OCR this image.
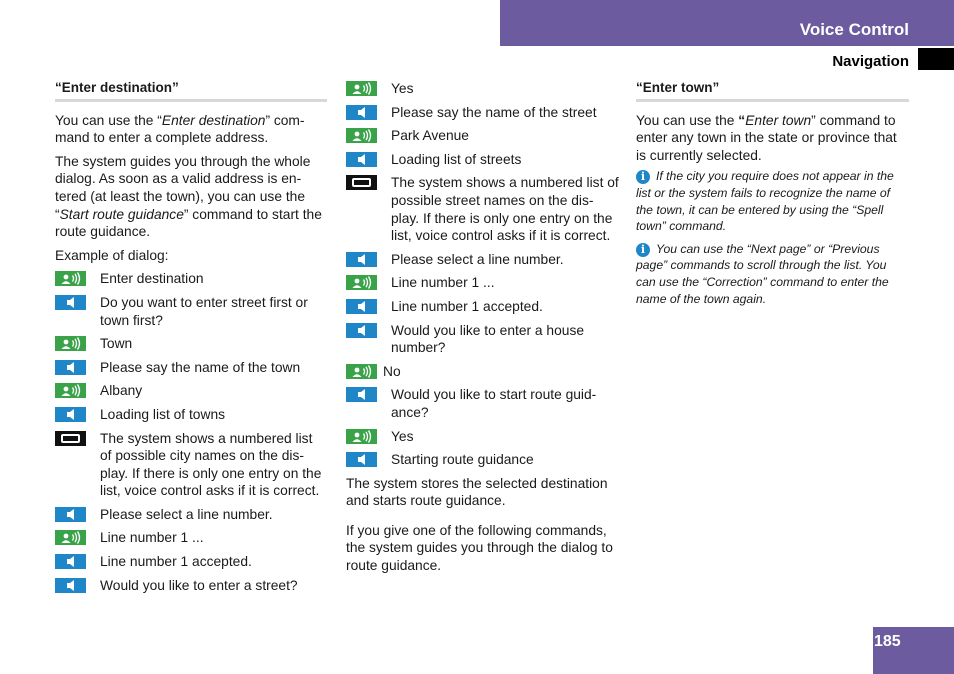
Voice Control
Navigation
“Enter destination”

You can use the “Enter destination” com-mand to enter a complete address.

The system guides you through the whole dialog. As soon as a valid address is en-tered (at least the town), you can use the “Start route guidance” command to start the route guidance.

Example of dialog:

Enter destination
Do you want to enter street first or town first?
Town
Please say the name of the town
Albany
Loading list of towns
The system shows a numbered list of possible city names on the dis-play. If there is only one entry on the list, voice control asks if it is correct.
Please select a line number.
Line number 1 ...
Line number 1 accepted.
Would you like to enter a street?
Yes
Please say the name of the street
Park Avenue
Loading list of streets
The system shows a numbered list of possible street names on the dis-play. If there is only one entry on the list, voice control asks if it is correct.
Please select a line number.
Line number 1 ...
Line number 1 accepted.
Would you like to enter a house number?
No
Would you like to start route guid-ance?
Yes
Starting route guidance

The system stores the selected destination and starts route guidance.

If you give one of the following commands, the system guides you through the dialog to route guidance.

“Enter town”

You can use the “Enter town” command to enter any town in the state or province that is currently selected.

i If the city you require does not appear in the list or the system fails to recognize the name of the town, it can be entered by using the “Spell town” command.
i You can use the “Next page” or “Previous page” commands to scroll through the list. You can use the “Correction” command to enter the name of the town again.
185
